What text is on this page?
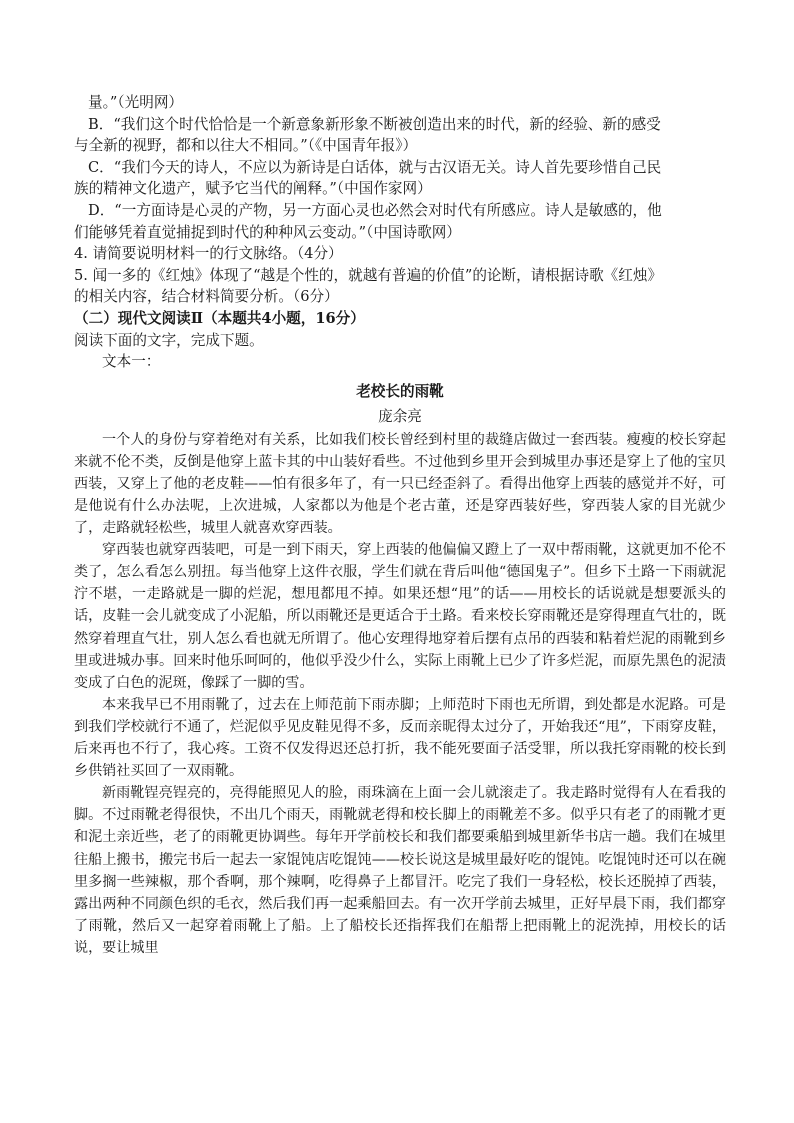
量。”（光明网）

B．“我们这个时代恰恰是一个新意象新形象不断被创造出来的时代，新的经验、新的感受

与全新的视野，都和以往大不相同。”（《中国青年报》）

C．“我们今天的诗人，不应以为新诗是白话体，就与古汉语无关。诗人首先要珍惜自己民

族的精神文化遗产，赋予它当代的阐释。”（中国作家网）

D．“一方面诗是心灵的产物，另一方面心灵也必然会对时代有所感应。诗人是敏感的，他

们能够凭着直觉捕捉到时代的种种风云变动。”（中国诗歌网）

4. 请简要说明材料一的行文脉络。（4分）

5. 闻一多的《红烛》体现了“越是个性的，就越有普遍的价值”的论断，请根据诗歌《红烛》

的相关内容，结合材料简要分析。（6分）

（二）现代文阅读Ⅱ（本题共4小题，16分）

阅读下面的文字，完成下题。

文本一：

老校长的雨靴
庞余亮

一个人的身份与穿着绝对有关系，比如我们校长曾经到村里的裁缝店做过一套西装。瘦瘦的校长穿起来就不伦不类，反倒是他穿上蓝卡其的中山装好看些。不过他到乡里开会到城里办事还是穿上了他的宝贝西装，又穿上了他的老皮鞋——怕有很多年了，有一只已经歪斜了。看得出他穿上西装的感觉并不好，可是他说有什么办法呢，上次进城，人家都以为他是个老古董，还是穿西装好些，穿西装人家的目光就少了，走路就轻松些，城里人就喜欢穿西装。

穿西装也就穿西装吧，可是一到下雨天，穿上西装的他偏偏又蹬上了一双中帮雨靴，这就更加不伦不类了，怎么看怎么别扭。每当他穿上这件衣服，学生们就在背后叫他“德国鬼子”。但乡下土路一下雨就泥泞不堪，一走路就是一脚的烂泥，想甩都甩不掉。如果还想“甩”的话——用校长的话说就是想要派头的话，皮鞋一会儿就变成了小泥船，所以雨靴还是更适合于土路。看来校长穿雨靴还是穿得理直气壮的，既然穿着理直气壮，别人怎么看也就无所谓了。他心安理得地穿着后摆有点吊的西装和粘着烂泥的雨靴到乡里或进城办事。回来时他乐呵呵的，他似乎没少什么，实际上雨靴上已少了许多烂泥，而原先黑色的泥渍变成了白色的泥斑，像踩了一脚的雪。

本来我早已不用雨靴了，过去在上师范前下雨赤脚；上师范时下雨也无所谓，到处都是水泥路。可是到我们学校就行不通了，烂泥似乎见皮鞋见得不多，反而亲昵得太过分了，开始我还“甩”，下雨穿皮鞋，后来再也不行了，我心疼。工资不仅发得迟还总打折，我不能死要面子活受罪，所以我托穿雨靴的校长到乡供销社买回了一双雨靴。

新雨靴锃亮锃亮的，亮得能照见人的脸，雨珠滴在上面一会儿就滚走了。我走路时觉得有人在看我的脚。不过雨靴老得很快，不出几个雨天，雨靴就老得和校长脚上的雨靴差不多。似乎只有老了的雨靴才更和泥土亲近些，老了的雨靴更协调些。每年开学前校长和我们都要乘船到城里新华书店一趟。我们在城里往船上搬书，搬完书后一起去一家馄饨店吃馄饨——校长说这是城里最好吃的馄饨。吃馄饨时还可以在碗里多搁一些辣椒，那个香啊，那个辣啊，吃得鼻子上都冒汗。吃完了我们一身轻松，校长还脱掉了西装，露出两种不同颜色织的毛衣，然后我们再一起乘船回去。有一次开学前去城里，正好早晨下雨，我们都穿了雨靴，然后又一起穿着雨靴上了船。上了船校长还指挥我们在船帮上把雨靴上的泥洗掉，用校长的话说，要让城里
